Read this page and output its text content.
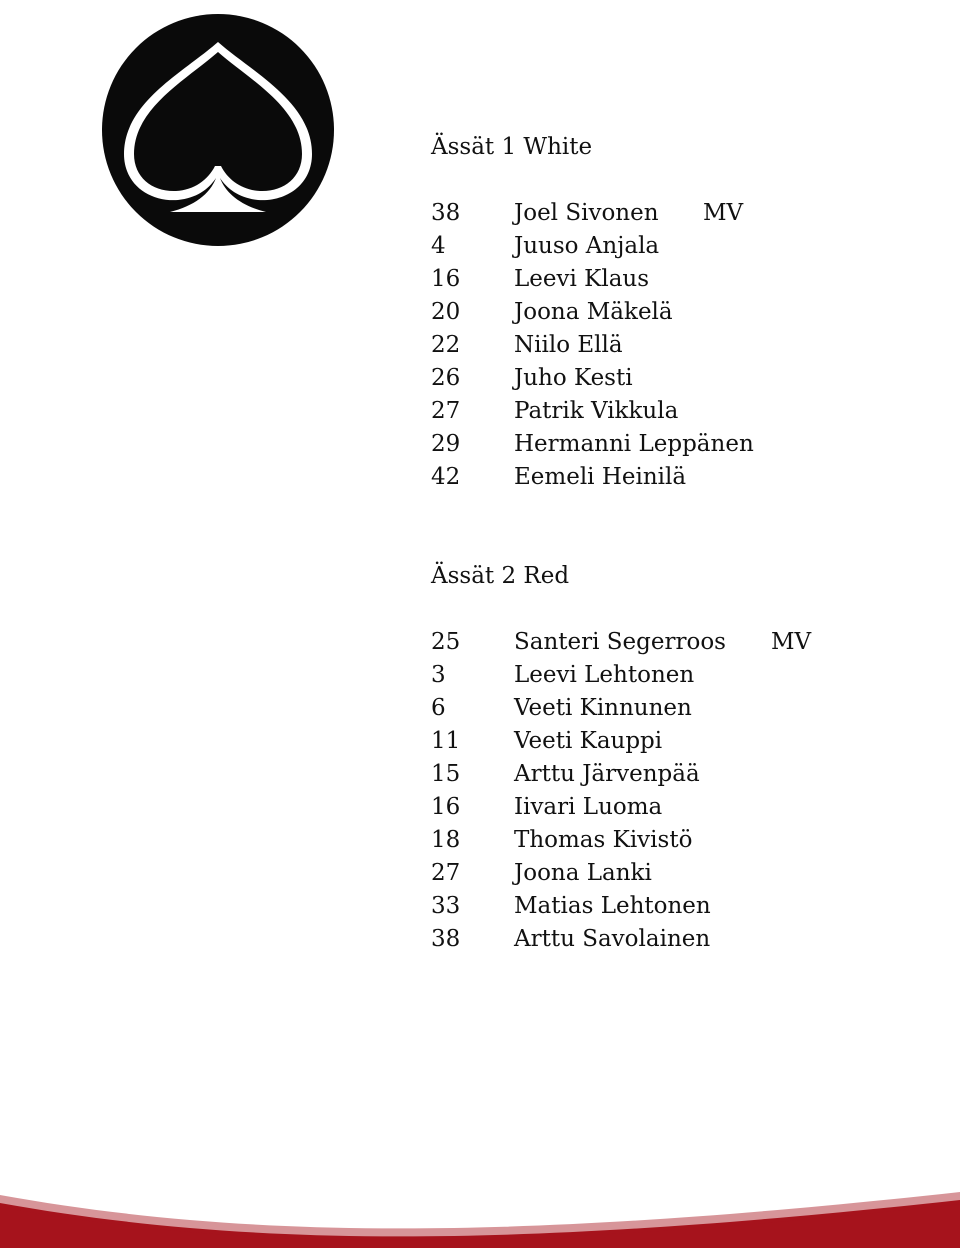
Ässät 1 White
38 Joel Sivonen MV
4	Juuso Anjala
16 Leevi Klaus
20 Joona Mäkelä
22 Niilo Ellä
26 Juho Kesti
27 Patrik Vikkula
29 Hermanni Leppänen
42 Eemeli Heinilä
Ässät 2 Red
25 Santeri Segerroos MV
3	Leevi Lehtonen
6	Veeti Kinnunen
11 Veeti Kauppi
15 Arttu Järvenpää
16 Iivari Luoma
18 Thomas Kivistö
27 Joona Lanki
33 Matias Lehtonen
38 Arttu Savolainen
